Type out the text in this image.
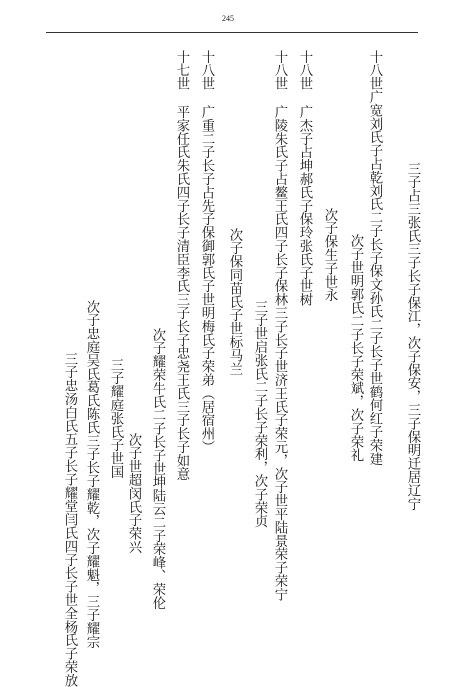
245
三子占三张氏三子长子保江，次子保安，三子保明迁居辽宁
十八世广宽刘氏子占乾刘氏二子长子保文孙氏二子长子世鹤何红子荣建
次子世明郭氏二子长子荣斌，次子荣礼
次子保生子世永
十八世 广杰子占坤郝氏子保玲张氏子世树
十八世 广陵朱氏子占鳌王氏四子长子保林三子长子世济王氏子荣元，次子世平陆景荣子荣宁
三子世启张氏二子长子荣利，次子荣贞
次子保同苗氏子世标马兰
十八世 广重二子长子占先子保御郭氏子世明梅氏子荣弟（居宿州）
十七世 平家任氏朱氏四子长子清臣李氏三子长子忠尧王氏三子长子如意
次子耀荣牛氏二子长子世坤陆云二子荣峰、荣伦
三子耀庭张氏子世国
次子世超闵氏子荣兴
次子忠庭吴氏葛氏陈氏三子长子耀乾，次子耀魁，三子耀宗
三子忠汤白氏五子长子耀堂闫氏四子长子世全杨氏子荣放
